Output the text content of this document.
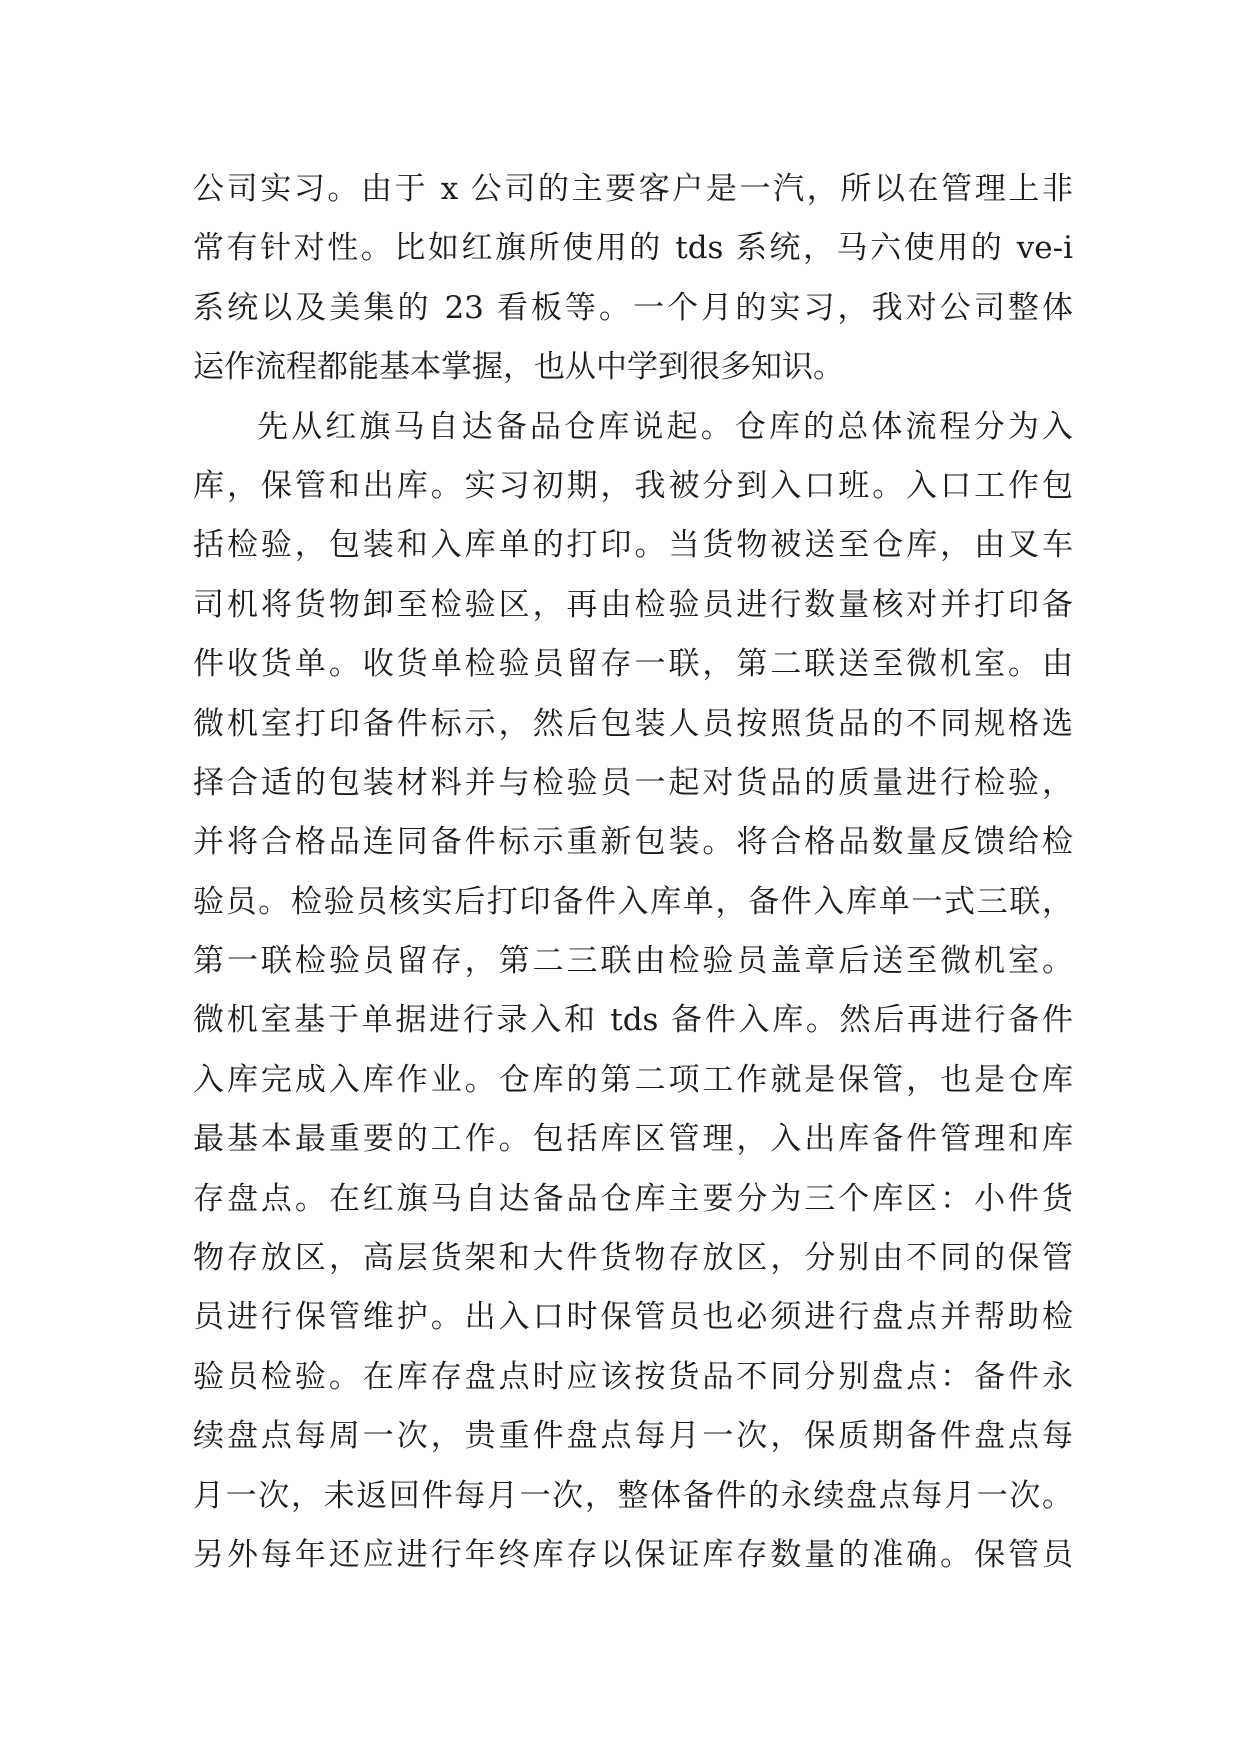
公司实习。由于 x 公司的主要客户是一汽，所以在管理上非
常有针对性。比如红旗所使用的 tds 系统，马六使用的 ve-i
系统以及美集的 23 看板等。一个月的实习，我对公司整体
运作流程都能基本掌握，也从中学到很多知识。
先从红旗马自达备品仓库说起。仓库的总体流程分为入
库，保管和出库。实习初期，我被分到入口班。入口工作包
括检验，包装和入库单的打印。当货物被送至仓库，由叉车
司机将货物卸至检验区，再由检验员进行数量核对并打印备
件收货单。收货单检验员留存一联，第二联送至微机室。由
微机室打印备件标示，然后包装人员按照货品的不同规格选
择合适的包装材料并与检验员一起对货品的质量进行检验，
并将合格品连同备件标示重新包装。将合格品数量反馈给检
验员。检验员核实后打印备件入库单，备件入库单一式三联，
第一联检验员留存，第二三联由检验员盖章后送至微机室。
微机室基于单据进行录入和 tds 备件入库。然后再进行备件
入库完成入库作业。仓库的第二项工作就是保管，也是仓库
最基本最重要的工作。包括库区管理，入出库备件管理和库
存盘点。在红旗马自达备品仓库主要分为三个库区：小件货
物存放区，高层货架和大件货物存放区，分别由不同的保管
员进行保管维护。出入口时保管员也必须进行盘点并帮助检
验员检验。在库存盘点时应该按货品不同分别盘点：备件永
续盘点每周一次，贵重件盘点每月一次，保质期备件盘点每
月一次，未返回件每月一次，整体备件的永续盘点每月一次。
另外每年还应进行年终库存以保证库存数量的准确。保管员
